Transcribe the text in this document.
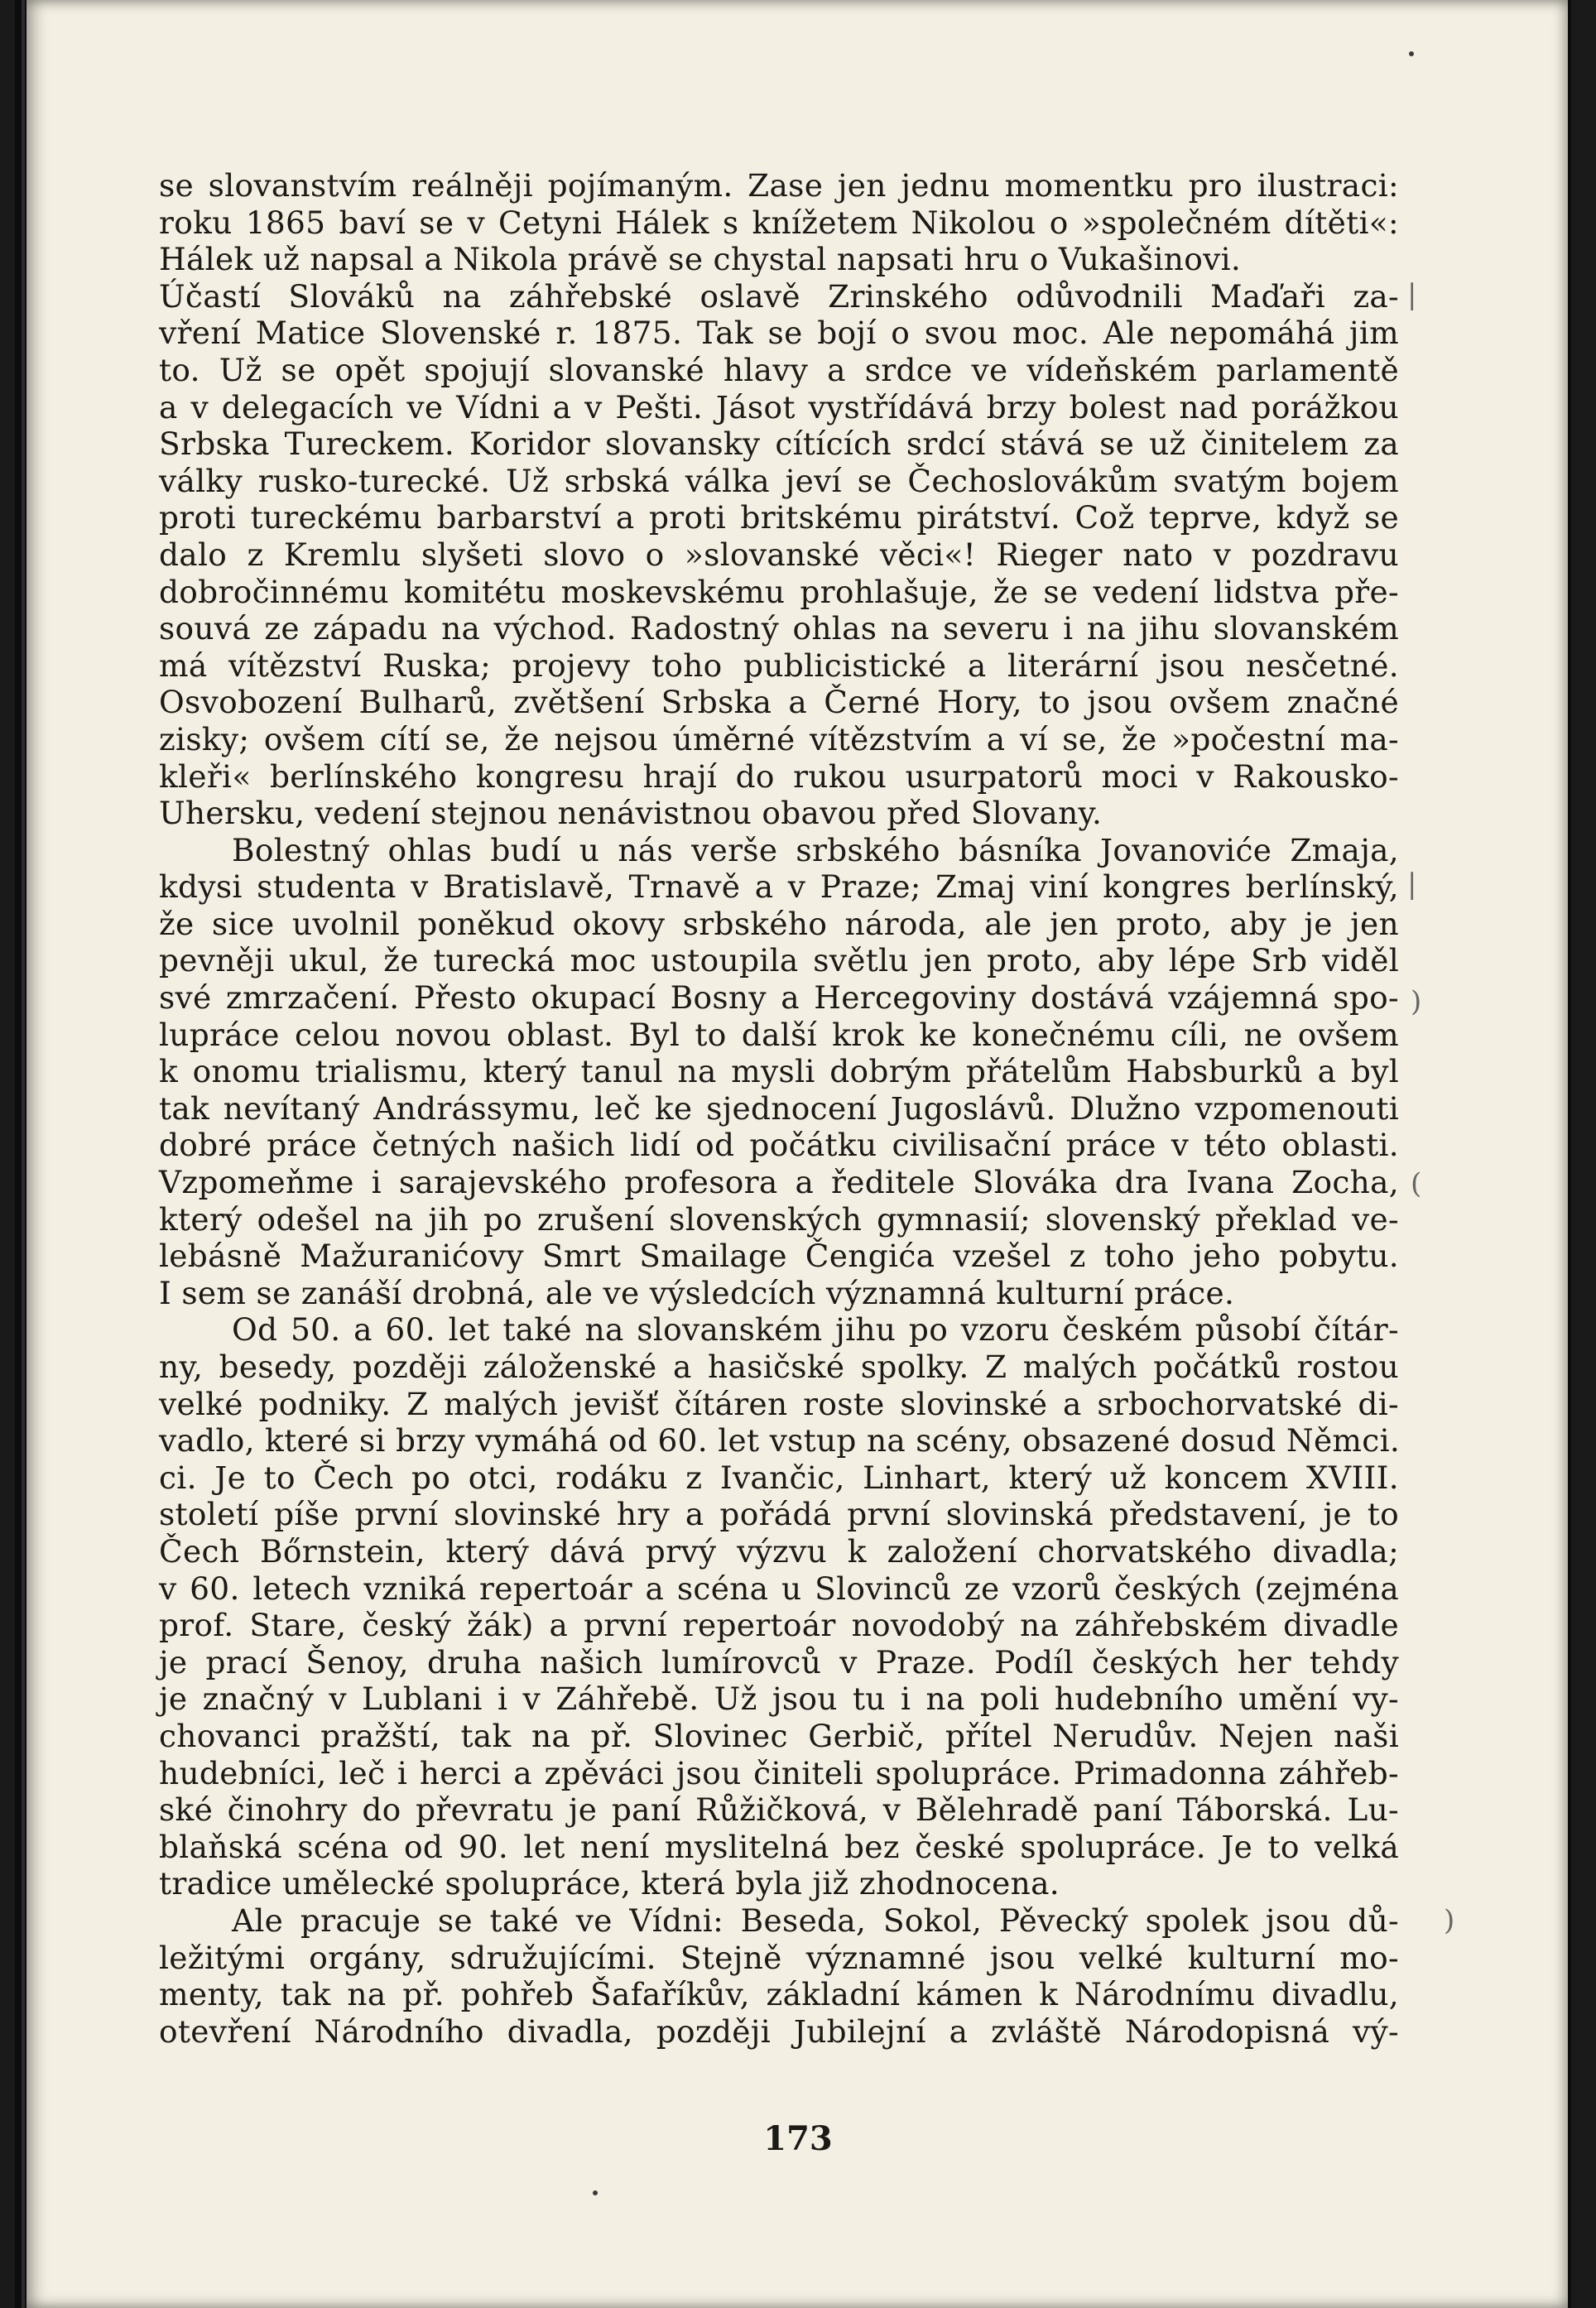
|
|
)
(
)
se slovanstvím reálněji pojímaným. Zase jen jednu momentku pro ilustraci:
roku 1865 baví se v Cetyni Hálek s knížetem Nikolou o »společném dítěti«:
Hálek už napsal a Nikola právě se chystal napsati hru o Vukašinovi.
Účastí Slováků na záhřebské oslavě Zrinského odůvodnili Maďaři za-
vření Matice Slovenské r. 1875. Tak se bojí o svou moc. Ale nepomáhá jim
to. Už se opět spojují slovanské hlavy a srdce ve vídeňském parlamentě
a v delegacích ve Vídni a v Pešti. Jásot vystřídává brzy bolest nad porážkou
Srbska Tureckem. Koridor slovansky cítících srdcí stává se už činitelem za
války rusko-turecké. Už srbská válka jeví se Čechoslovákům svatým bojem
proti tureckému barbarství a proti britskému pirátství. Což teprve, když se
dalo z Kremlu slyšeti slovo o »slovanské věci«! Rieger nato v pozdravu
dobročinnému komitétu moskevskému prohlašuje, že se vedení lidstva pře-
souvá ze západu na východ. Radostný ohlas na severu i na jihu slovanském
má vítězství Ruska; projevy toho publicistické a literární jsou nesčetné.
Osvobození Bulharů, zvětšení Srbska a Černé Hory, to jsou ovšem značné
zisky; ovšem cítí se, že nejsou úměrné vítězstvím a ví se, že »počestní ma-
kleři« berlínského kongresu hrají do rukou usurpatorů moci v Rakousko-
Uhersku, vedení stejnou nenávistnou obavou před Slovany.
Bolestný ohlas budí u nás verše srbského básníka Jovanoviće Zmaja,
kdysi studenta v Bratislavě, Trnavě a v Praze; Zmaj viní kongres berlínský,
že sice uvolnil poněkud okovy srbského národa, ale jen proto, aby je jen
pevněji ukul, že turecká moc ustoupila světlu jen proto, aby lépe Srb viděl
své zmrzačení. Přesto okupací Bosny a Hercegoviny dostává vzájemná spo-
lupráce celou novou oblast. Byl to další krok ke konečnému cíli, ne ovšem
k onomu trialismu, který tanul na mysli dobrým přátelům Habsburků a byl
tak nevítaný Andrássymu, leč ke sjednocení Jugoslávů. Dlužno vzpomenouti
dobré práce četných našich lidí od počátku civilisační práce v této oblasti.
Vzpomeňme i sarajevského profesora a ředitele Slováka dra Ivana Zocha,
který odešel na jih po zrušení slovenských gymnasií; slovenský překlad ve-
lebásně Mažuranićovy Smrt Smailage Čengića vzešel z toho jeho pobytu.
I sem se zanáší drobná, ale ve výsledcích významná kulturní práce.
Od 50. a 60. let také na slovanském jihu po vzoru českém působí čítár-
ny, besedy, později záloženské a hasičské spolky. Z malých počátků rostou
velké podniky. Z malých jevišť čítáren roste slovinské a srbochorvatské di-
vadlo, které si brzy vymáhá od 60. let vstup na scény, obsazené dosud Němci.
ci. Je to Čech po otci, rodáku z Ivančic, Linhart, který už koncem XVIII.
století píše první slovinské hry a pořádá první slovinská představení, je to
Čech Bőrnstein, který dává prvý výzvu k založení chorvatského divadla;
v 60. letech vzniká repertoár a scéna u Slovinců ze vzorů českých (zejména
prof. Stare, český žák) a první repertoár novodobý na záhřebském divadle
je prací Šenoy, druha našich lumírovců v Praze. Podíl českých her tehdy
je značný v Lublani i v Záhřebě. Už jsou tu i na poli hudebního umění vy-
chovanci pražští, tak na př. Slovinec Gerbič, přítel Nerudův. Nejen naši
hudebníci, leč i herci a zpěváci jsou činiteli spolupráce. Primadonna záhřeb-
ské činohry do převratu je paní Růžičková, v Bělehradě paní Táborská. Lu-
blaňská scéna od 90. let není myslitelná bez české spolupráce. Je to velká
tradice umělecké spolupráce, která byla již zhodnocena.
Ale pracuje se také ve Vídni: Beseda, Sokol, Pěvecký spolek jsou dů-
ležitými orgány, sdružujícími. Stejně významné jsou velké kulturní mo-
menty, tak na př. pohřeb Šafaříkův, základní kámen k Národnímu divadlu,
otevření Národního divadla, později Jubilejní a zvláště Národopisná vý-
173
